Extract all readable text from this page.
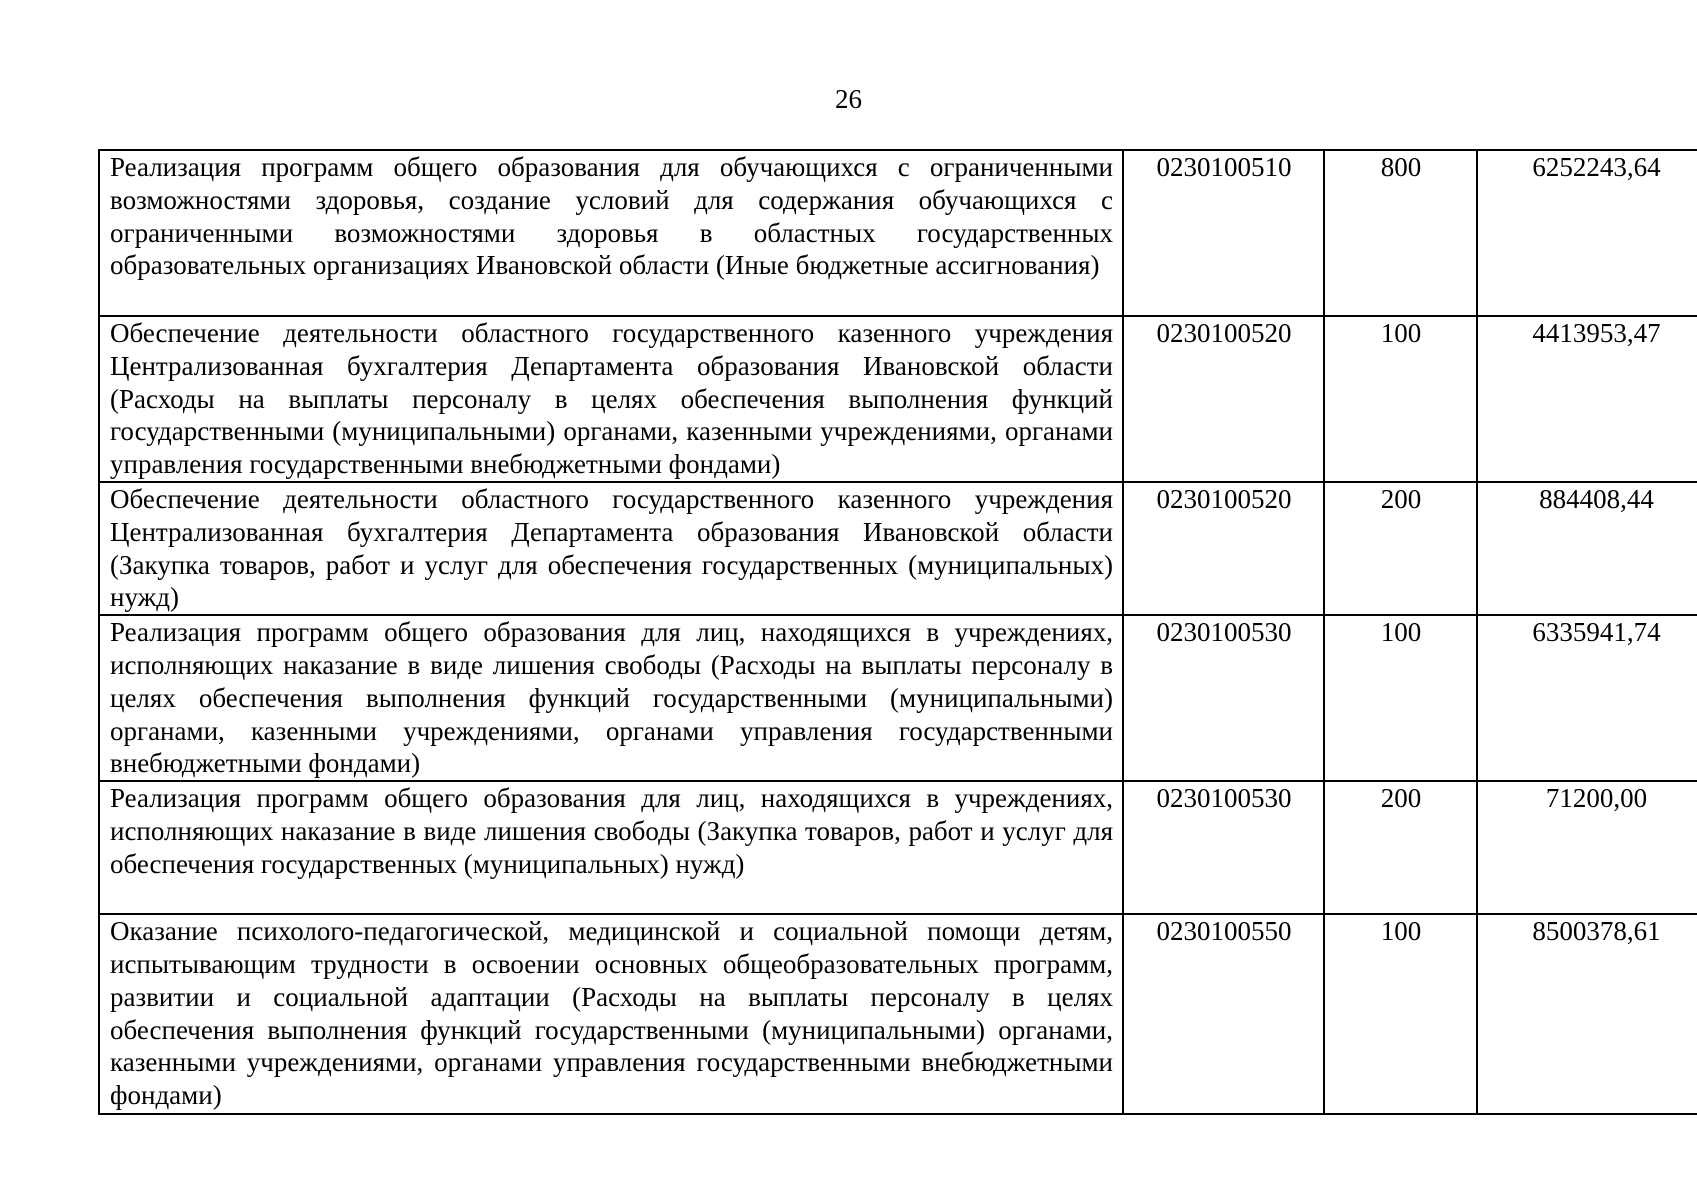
26
Реализация программ общего образования для обучающихся с ограниченными возможностями здоровья, создание условий для содержания обучающихся с ограниченными возможностями здоровья в областных государственных образовательных организациях Ивановской области (Иные бюджетные ассигнования)	0230100510	800	6252243,64
Обеспечение деятельности областного государственного казенного учреждения Централизованная бухгалтерия Департамента образования Ивановской области (Расходы на выплаты персоналу в целях обеспечения выполнения функций государственными (муниципальными) органами, казенными учреждениями, органами управления государственными внебюджетными фондами)	0230100520	100	4413953,47
Обеспечение деятельности областного государственного казенного учреждения Централизованная бухгалтерия Департамента образования Ивановской области (Закупка товаров, работ и услуг для обеспечения государственных (муниципальных) нужд)	0230100520	200	884408,44
Реализация программ общего образования для лиц, находящихся в учреждениях, исполняющих наказание в виде лишения свободы (Расходы на выплаты персоналу в целях обеспечения выполнения функций государственными (муниципальными) органами, казенными учреждениями, органами управления государственными внебюджетными фондами)	0230100530	100	6335941,74
Реализация программ общего образования для лиц, находящихся в учреждениях, исполняющих наказание в виде лишения свободы (Закупка товаров, работ и услуг для обеспечения государственных (муниципальных) нужд)	0230100530	200	71200,00
Оказание психолого-педагогической, медицинской и социальной помощи детям, испытывающим трудности в освоении основных общеобразовательных программ, развитии и социальной адаптации (Расходы на выплаты персоналу в целях обеспечения выполнения функций государственными (муниципальными) органами, казенными учреждениями, органами управления государственными внебюджетными фондами)	0230100550	100	8500378,61
